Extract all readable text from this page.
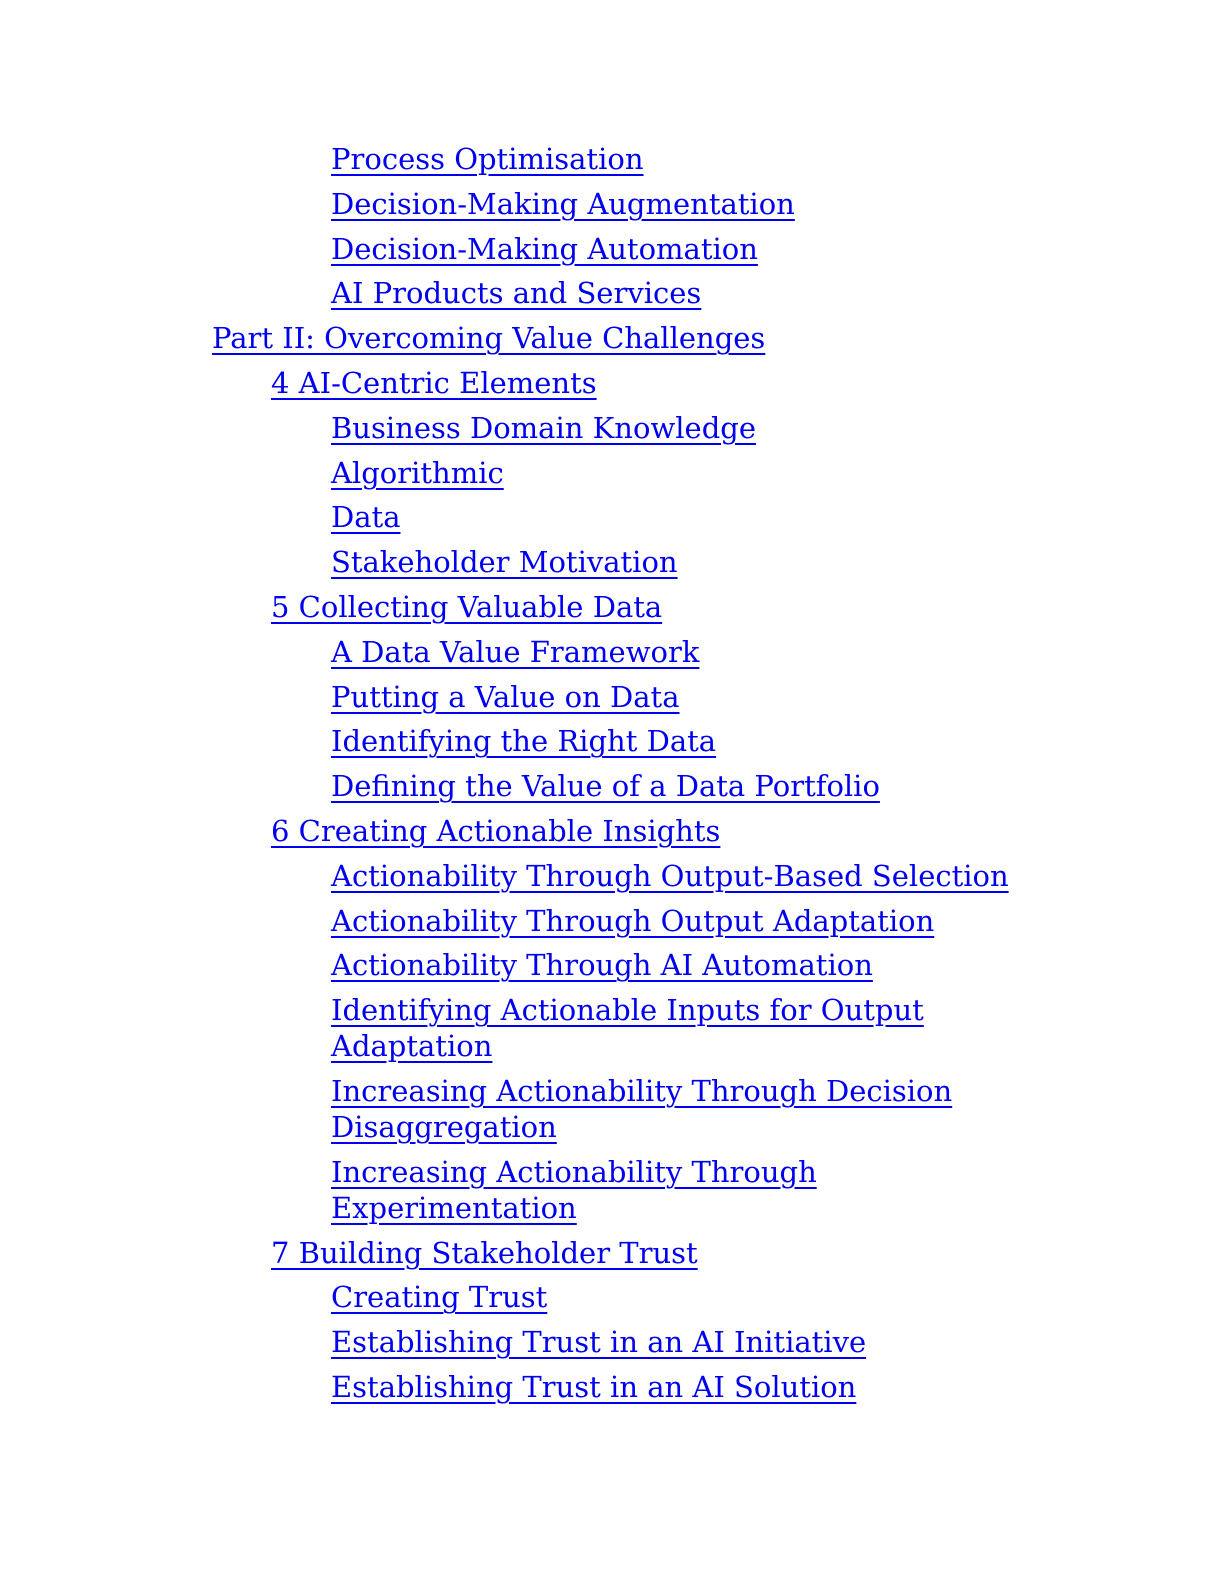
Process Optimisation
Decision-Making Augmentation
Decision-Making Automation
AI Products and Services
Part II: Overcoming Value Challenges
4 AI-Centric Elements
Business Domain Knowledge
Algorithmic
Data
Stakeholder Motivation
5 Collecting Valuable Data
A Data Value Framework
Putting a Value on Data
Identifying the Right Data
Defining the Value of a Data Portfolio
6 Creating Actionable Insights
Actionability Through Output-Based Selection
Actionability Through Output Adaptation
Actionability Through AI Automation
Identifying Actionable Inputs for Output Adaptation
Increasing Actionability Through Decision Disaggregation
Increasing Actionability Through Experimentation
7 Building Stakeholder Trust
Creating Trust
Establishing Trust in an AI Initiative
Establishing Trust in an AI Solution
